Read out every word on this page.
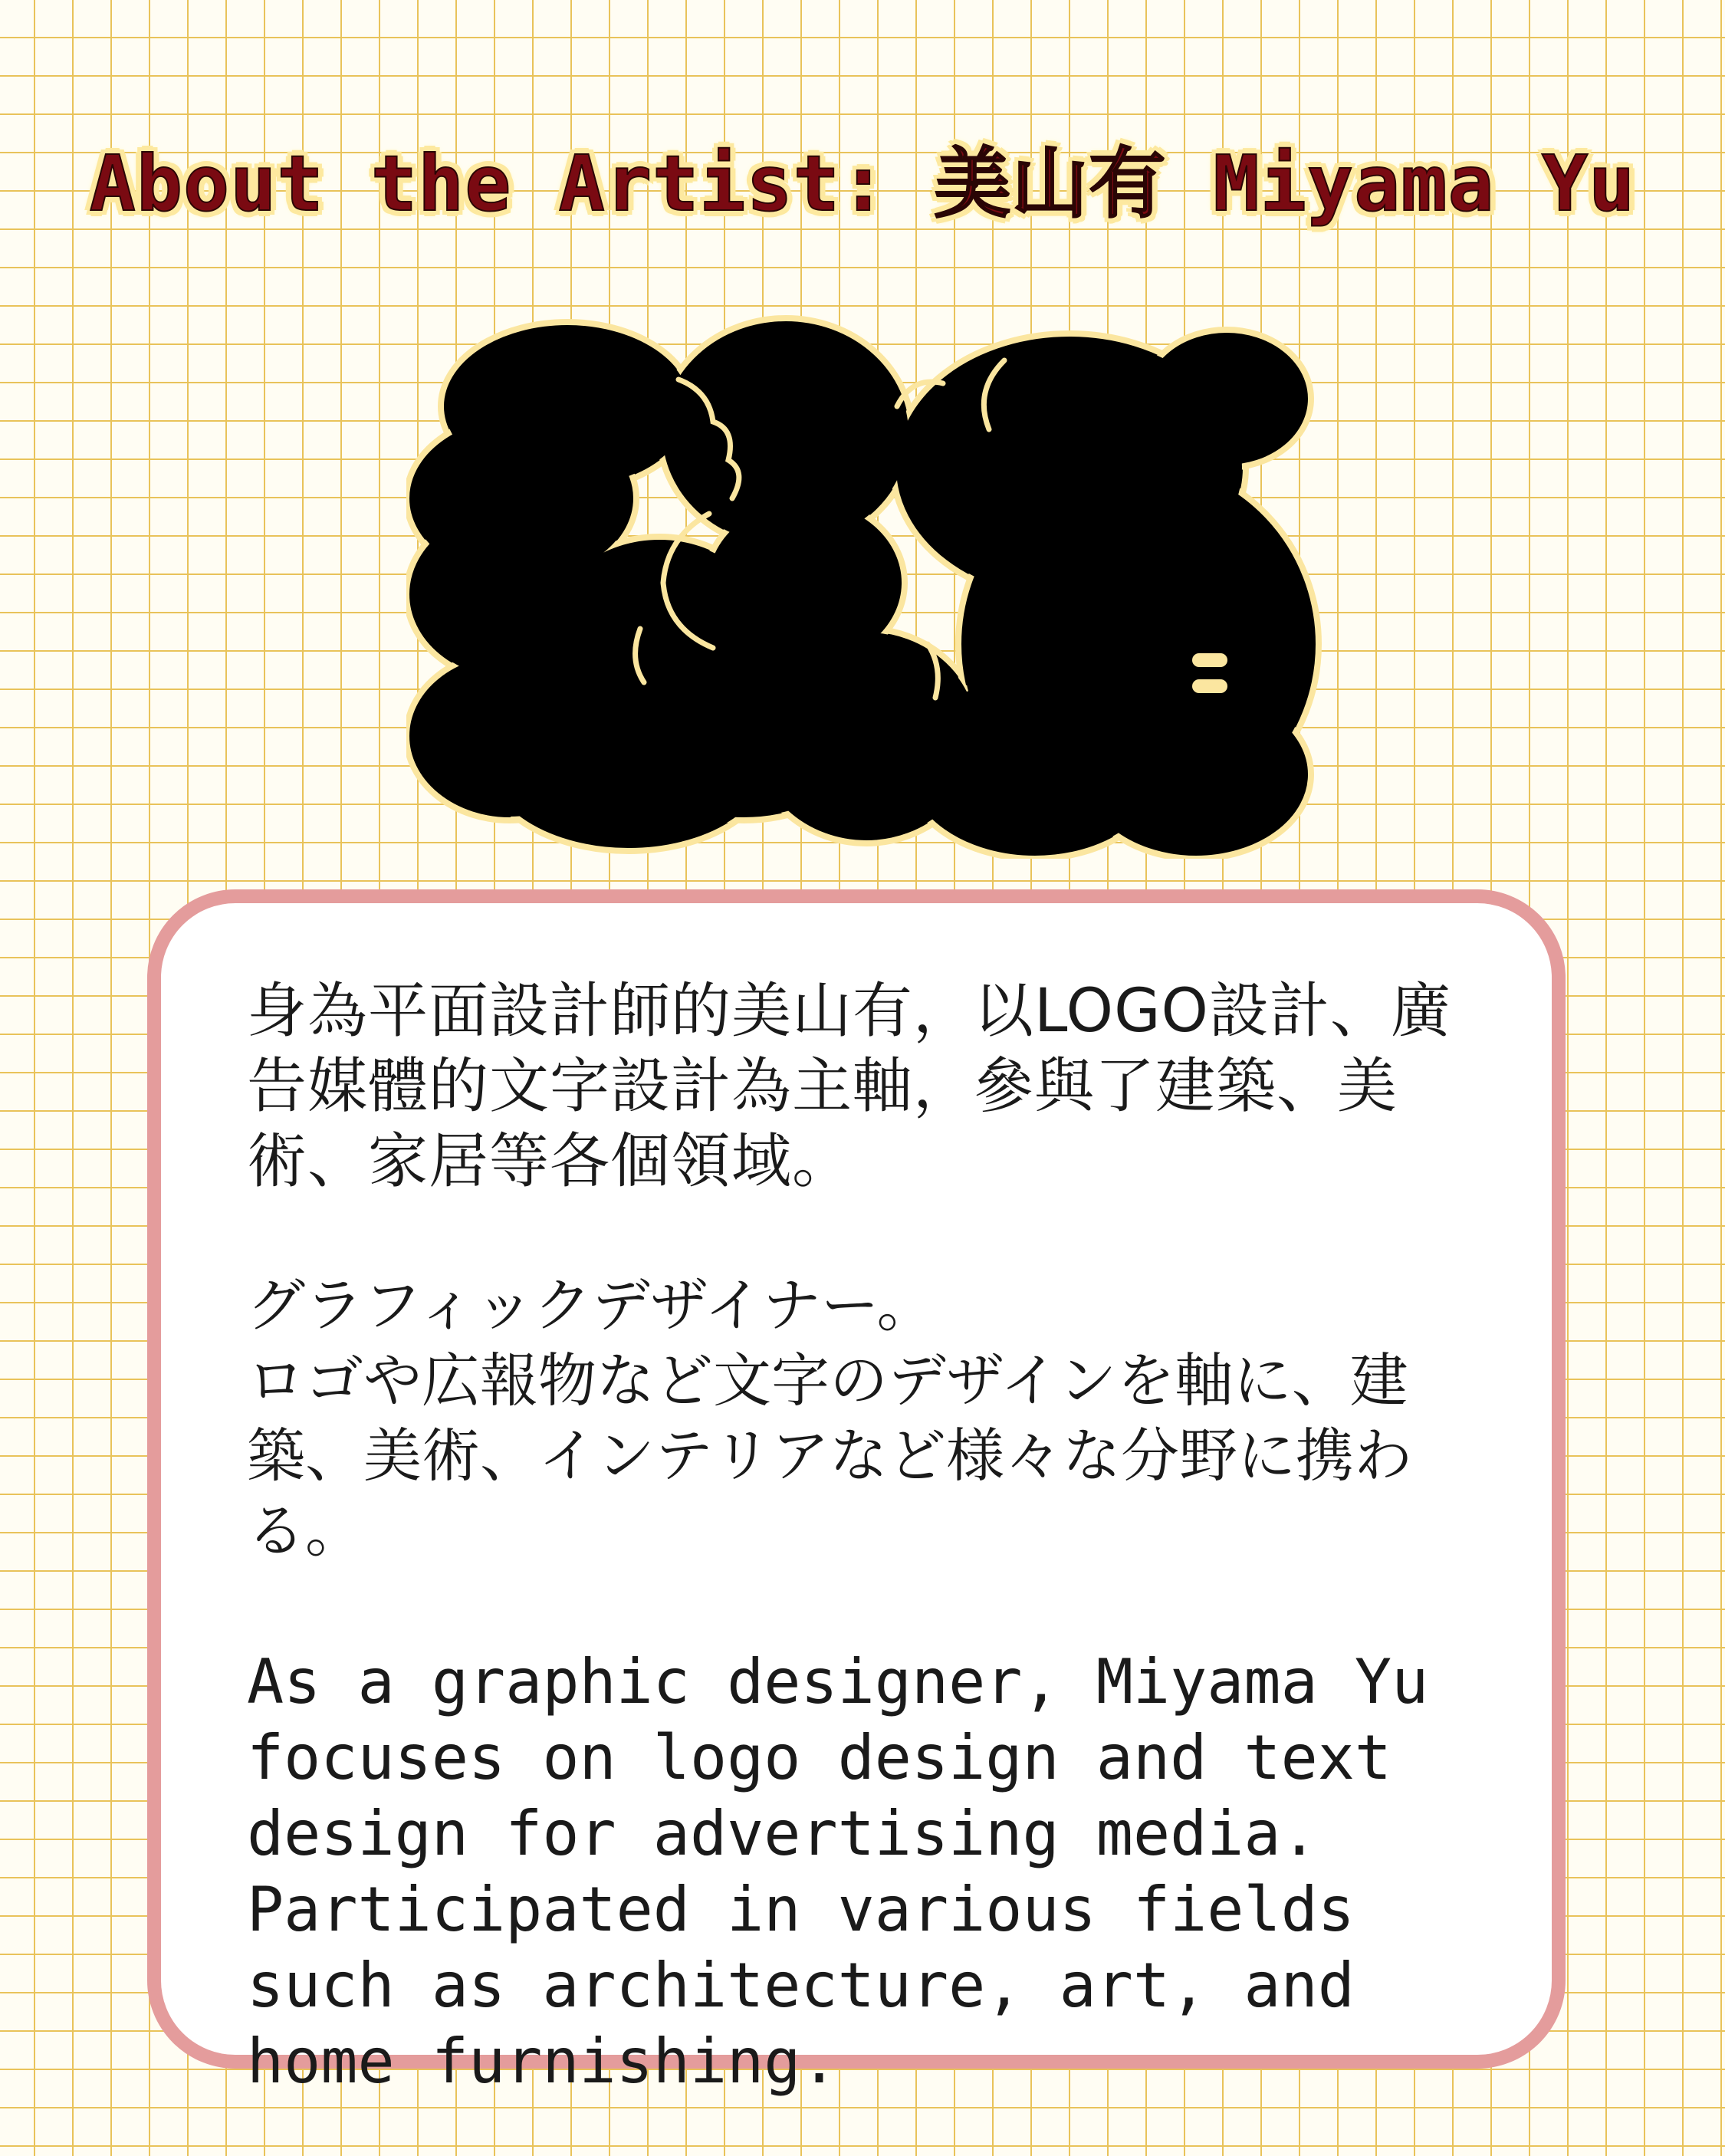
About the Artist: 美山有 Miyama Yu

身為平面設計師的美山有，以LOGO設計、廣告媒體的文字設計為主軸，參與了建築、美術、家居等各個領域。

グラフィックデザイナー。
ロゴや広報物など文字のデザインを軸に、建築、美術、インテリアなど様々な分野に携わる。

As a graphic designer, Miyama Yu
focuses on logo design and text
design for advertising media.
Participated in various fields
such as architecture, art, and
home furnishing.
